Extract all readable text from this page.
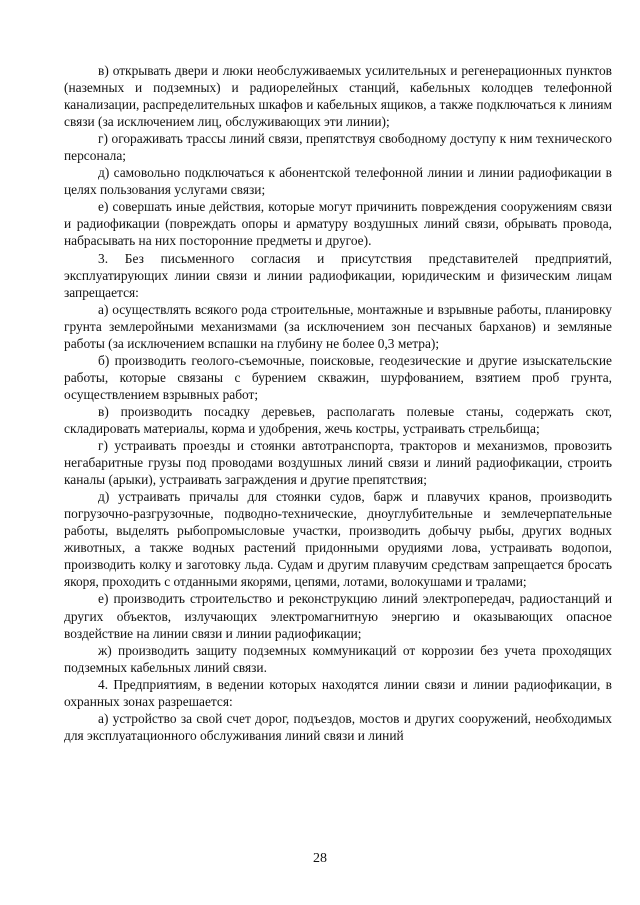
в) открывать двери и люки необслуживаемых усилительных и регенерационных пунктов (наземных и подземных) и радиорелейных станций, кабельных колодцев телефонной канализации, распределительных шкафов и кабельных ящиков, а также подключаться к линиям связи (за исключением лиц, обслуживающих эти линии);

г) огораживать трассы линий связи, препятствуя свободному доступу к ним технического персонала;

д) самовольно подключаться к абонентской телефонной линии и линии радиофикации в целях пользования услугами связи;

е) совершать иные действия, которые могут причинить повреждения сооружениям связи и радиофикации (повреждать опоры и арматуру воздушных линий связи, обрывать провода, набрасывать на них посторонние предметы и другое).

3. Без письменного согласия и присутствия представителей предприятий, эксплуатирующих линии связи и линии радиофикации, юридическим и физическим лицам запрещается:

а) осуществлять всякого рода строительные, монтажные и взрывные работы, планировку грунта землеройными механизмами (за исключением зон песчаных барханов) и земляные работы (за исключением вспашки на глубину не более 0,3 метра);

б) производить геолого-съемочные, поисковые, геодезические и другие изыскательские работы, которые связаны с бурением скважин, шурфованием, взятием проб грунта, осуществлением взрывных работ;

в) производить посадку деревьев, располагать полевые станы, содержать скот, складировать материалы, корма и удобрения, жечь костры, устраивать стрельбища;

г) устраивать проезды и стоянки автотранспорта, тракторов и механизмов, провозить негабаритные грузы под проводами воздушных линий связи и линий радиофикации, строить каналы (арыки), устраивать заграждения и другие препятствия;

д) устраивать причалы для стоянки судов, барж и плавучих кранов, производить погрузочно-разгрузочные, подводно-технические, дноуглубительные и землечерпательные работы, выделять рыбопромысловые участки, производить добычу рыбы, других водных животных, а также водных растений придонными орудиями лова, устраивать водопои, производить колку и заготовку льда. Судам и другим плавучим средствам запрещается бросать якоря, проходить с отданными якорями, цепями, лотами, волокушами и тралами;

е) производить строительство и реконструкцию линий электропередач, радиостанций и других объектов, излучающих электромагнитную энергию и оказывающих опасное воздействие на линии связи и линии радиофикации;

ж) производить защиту подземных коммуникаций от коррозии без учета проходящих подземных кабельных линий связи.

4. Предприятиям, в ведении которых находятся линии связи и линии радиофикации, в охранных зонах разрешается:

а) устройство за свой счет дорог, подъездов, мостов и других сооружений, необходимых для эксплуатационного обслуживания линий связи и линий

28
